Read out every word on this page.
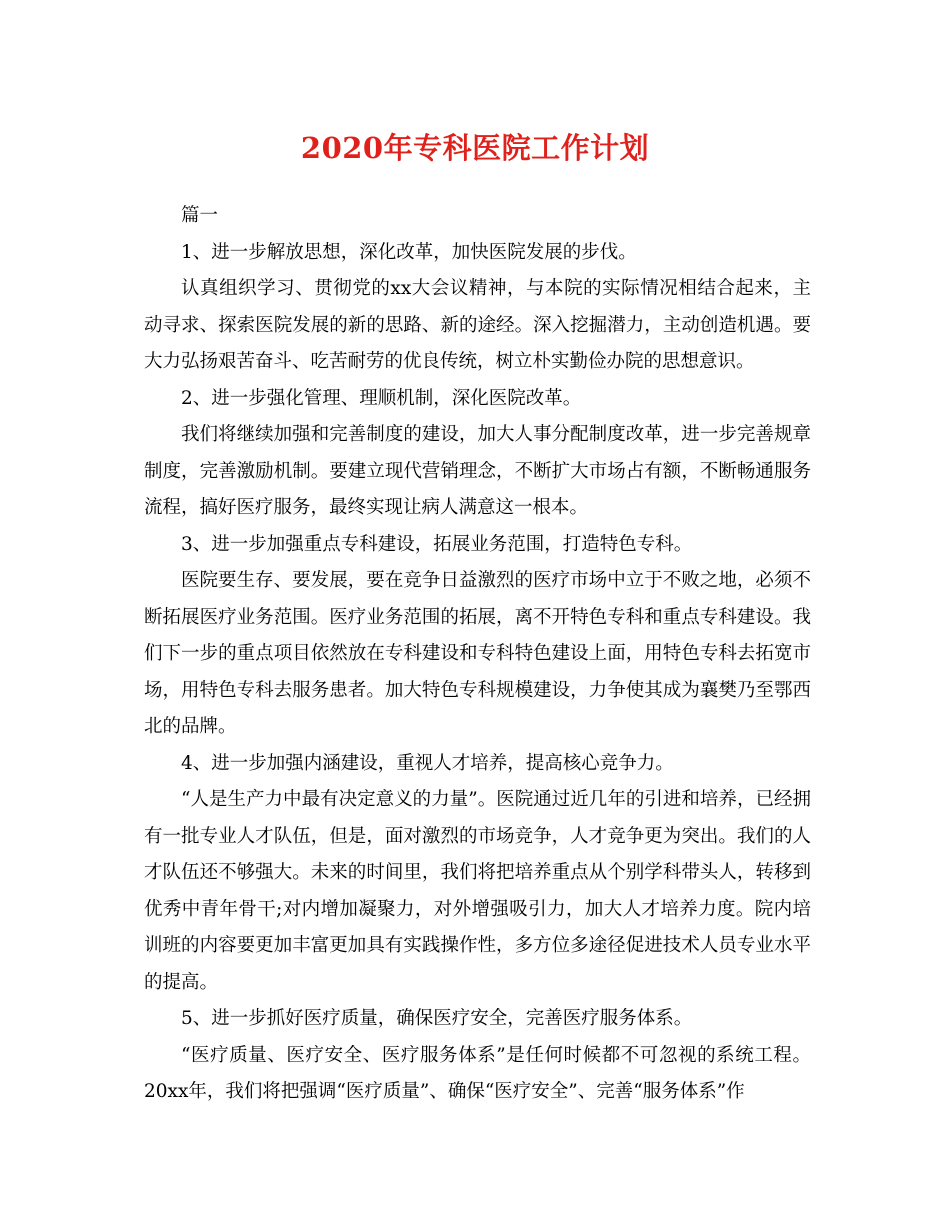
2020年专科医院工作计划

篇一

1、进一步解放思想，深化改革，加快医院发展的步伐。

认真组织学习、贯彻党的xx大会议精神，与本院的实际情况相结合起来，主动寻求、探索医院发展的新的思路、新的途经。深入挖掘潜力，主动创造机遇。要大力弘扬艰苦奋斗、吃苦耐劳的优良传统，树立朴实勤俭办院的思想意识。

2、进一步强化管理、理顺机制，深化医院改革。

我们将继续加强和完善制度的建设，加大人事分配制度改革，进一步完善规章制度，完善激励机制。要建立现代营销理念，不断扩大市场占有额，不断畅通服务流程，搞好医疗服务，最终实现让病人满意这一根本。

3、进一步加强重点专科建设，拓展业务范围，打造特色专科。

医院要生存、要发展，要在竞争日益激烈的医疗市场中立于不败之地，必须不断拓展医疗业务范围。医疗业务范围的拓展，离不开特色专科和重点专科建设。我们下一步的重点项目依然放在专科建设和专科特色建设上面，用特色专科去拓宽市场，用特色专科去服务患者。加大特色专科规模建设，力争使其成为襄樊乃至鄂西北的品牌。

4、进一步加强内涵建设，重视人才培养，提高核心竞争力。

“人是生产力中最有决定意义的力量”。医院通过近几年的引进和培养，已经拥有一批专业人才队伍，但是，面对激烈的市场竞争，人才竞争更为突出。我们的人才队伍还不够强大。未来的时间里，我们将把培养重点从个别学科带头人，转移到优秀中青年骨干;对内增加凝聚力，对外增强吸引力，加大人才培养力度。院内培训班的内容要更加丰富更加具有实践操作性，多方位多途径促进技术人员专业水平的提高。

5、进一步抓好医疗质量，确保医疗安全，完善医疗服务体系。

“医疗质量、医疗安全、医疗服务体系”是任何时候都不可忽视的系统工程。20xx年，我们将把强调“医疗质量”、确保“医疗安全”、完善“服务体系”作
